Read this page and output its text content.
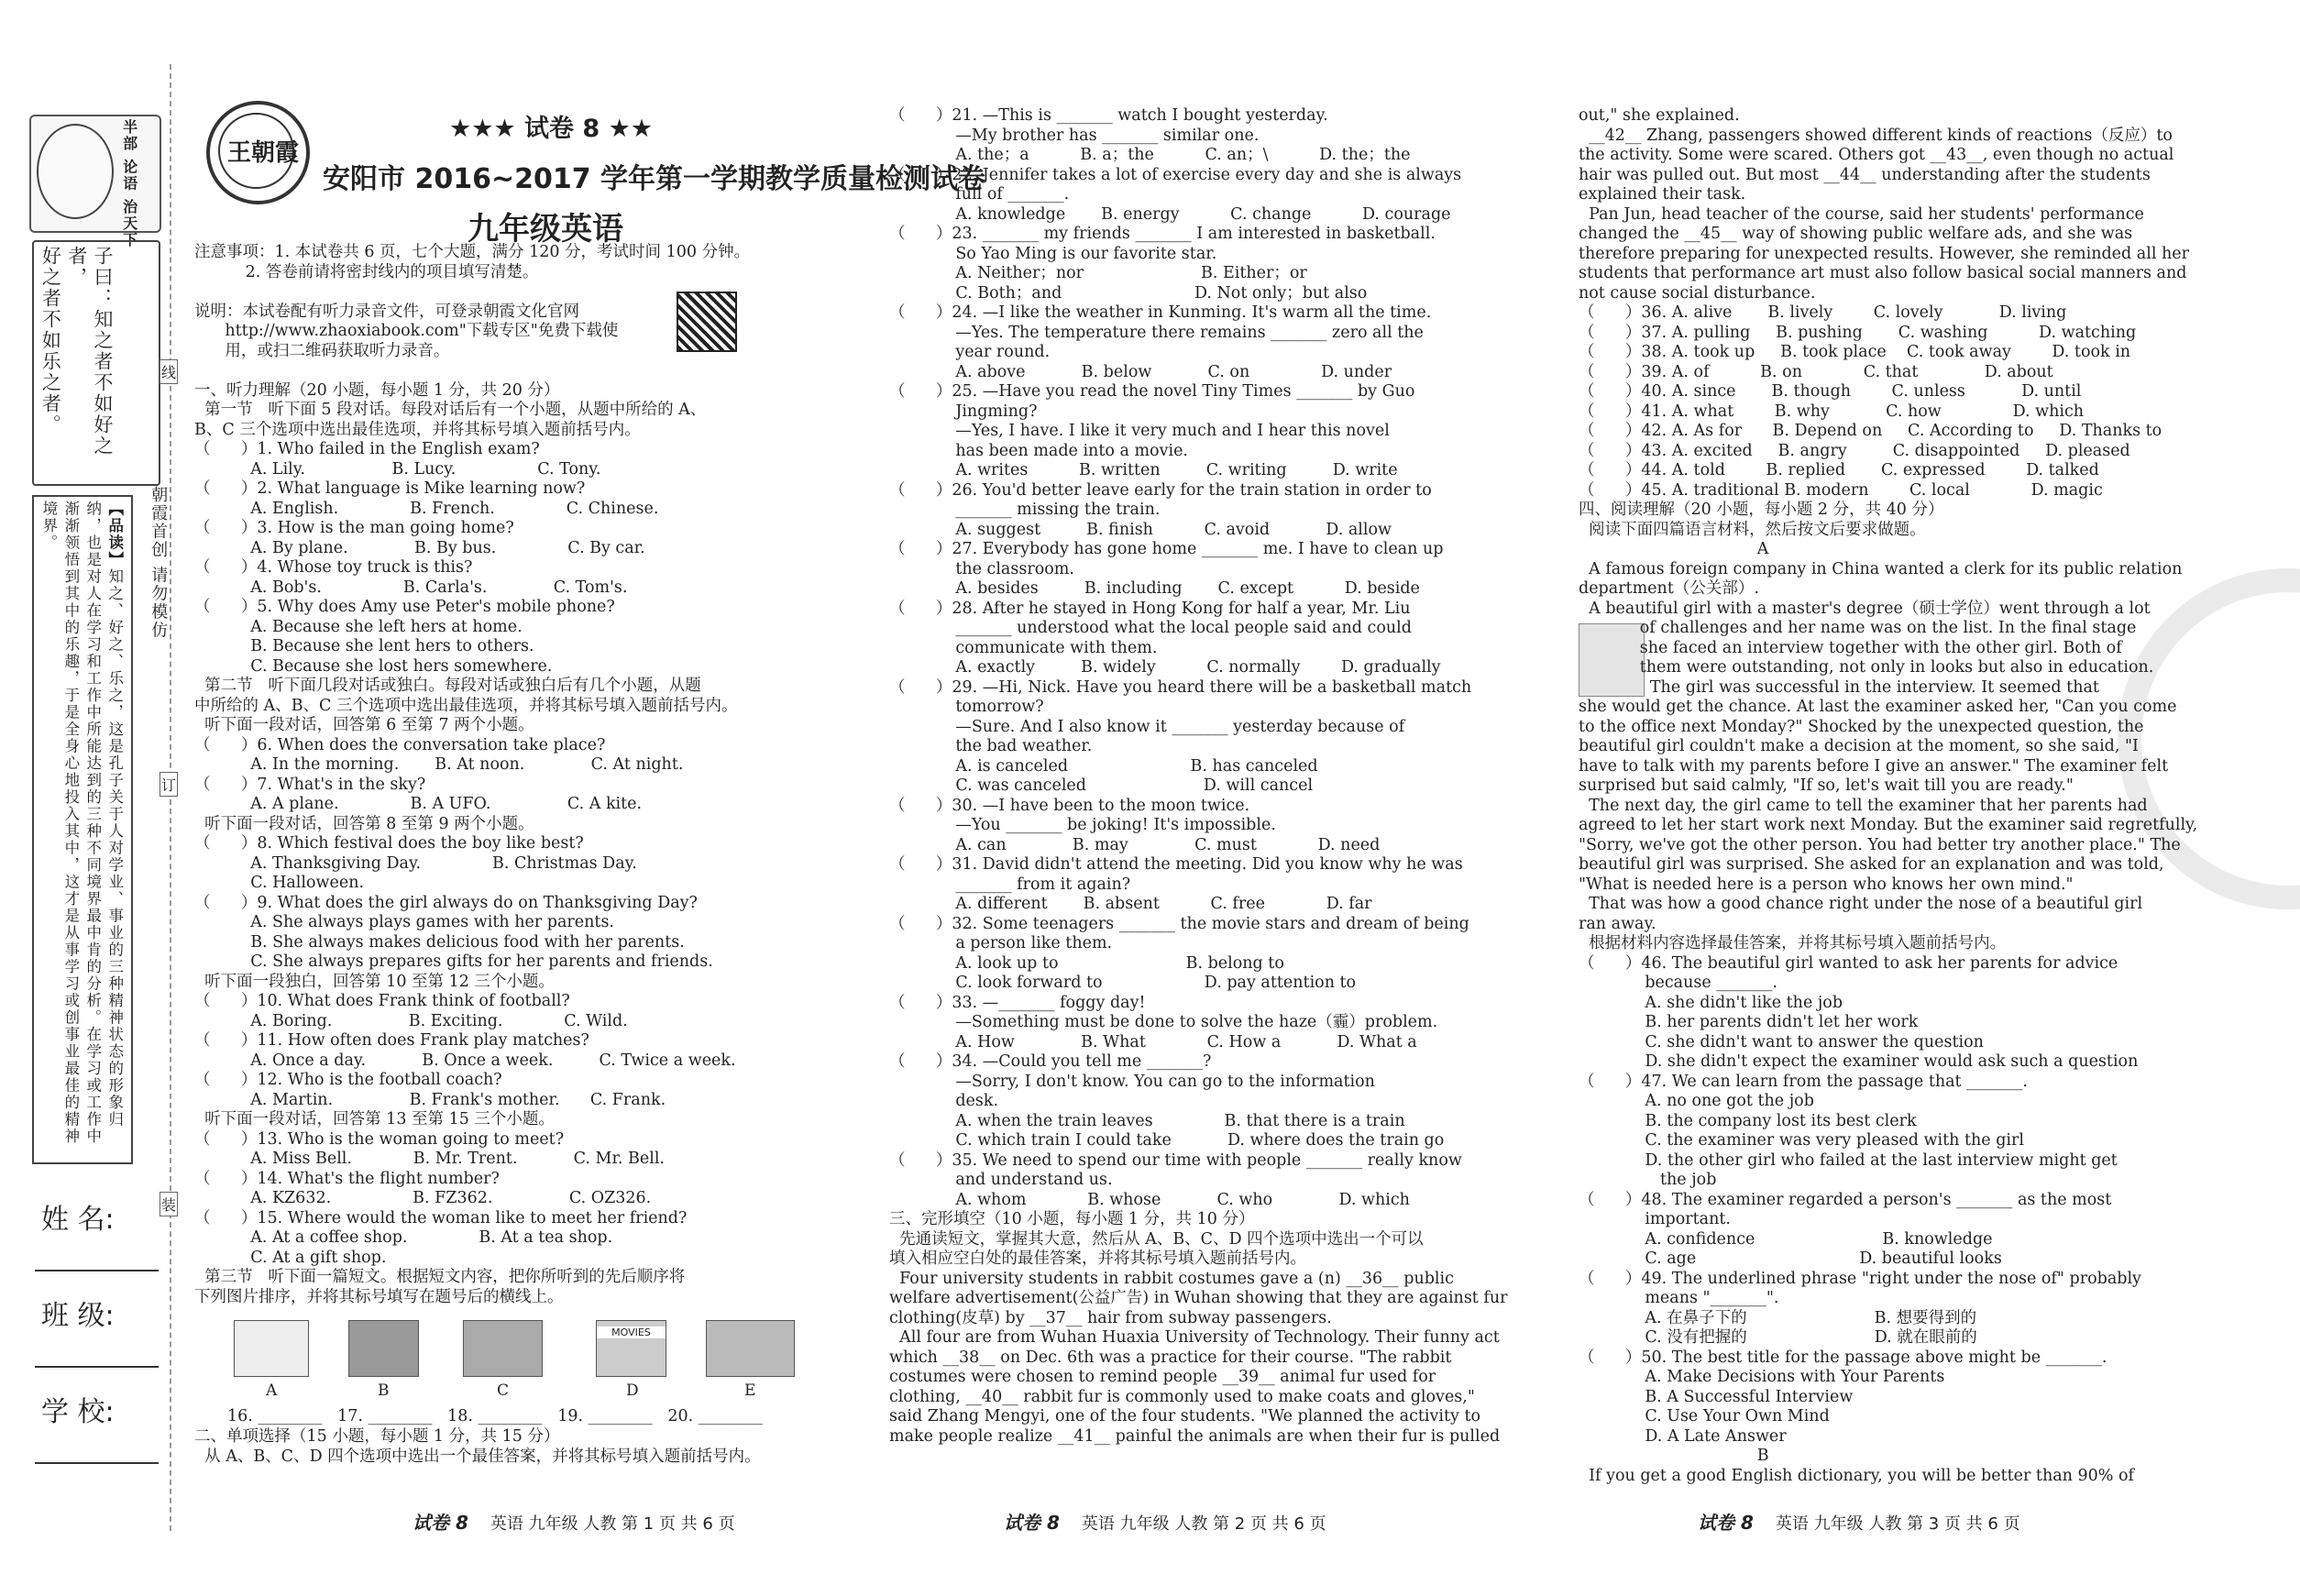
半部 论语 治天下
子曰：知之者不如好之者，
好之者不如乐之者。
【品读】知之、好之、乐之，这是孔子关于人对学业、事业的三种精神状态的形象归纳，也是对人在学习和工作中所能达到的三种不同境界最中肯的分析。在学习或工作中渐渐领悟到其中的乐趣，于是全身心地投入其中，这才是从事学习或创事业最佳的精神境界。	朝霞首创 请勿模仿
线
订
装
姓 名:
班 级:
学 校:
王朝霞
★★★ 试卷 8 ★★
安阳市 2016~2017 学年第一学期教学质量检测试卷
九年级英语

注意事项：1. 本试卷共 6 页，七个大题，满分 120 分，考试时间 100 分钟。

2. 答卷前请将密封线内的项目填写清楚。

说明：本试卷配有听力录音文件，可登录朝霞文化官网

http://www.zhaoxiabook.com"下载专区"免费下载使

用，或扫二维码获取听力录音。

一、听力理解（20 小题，每小题 1 分，共 20 分）

第一节   听下面 5 段对话。每段对话后有一个小题，从题中所给的 A、

B、C 三个选项中选出最佳选项，并将其标号填入题前括号内。

（      ）1. Who failed in the English exam?

A. Lily.                 B. Lucy.                C. Tony.

（      ）2. What language is Mike learning now?

A. English.              B. French.              C. Chinese.

（      ）3. How is the man going home?

A. By plane.             B. By bus.              C. By car.

（      ）4. Whose toy truck is this?

A. Bob's.                B. Carla's.             C. Tom's.

（      ）5. Why does Amy use Peter's mobile phone?

A. Because she left hers at home.

B. Because she lent hers to others.

C. Because she lost hers somewhere.

第二节   听下面几段对话或独白。每段对话或独白后有几个小题，从题

中所给的 A、B、C 三个选项中选出最佳选项，并将其标号填入题前括号内。

听下面一段对话，回答第 6 至第 7 两个小题。

（      ）6. When does the conversation take place?

A. In the morning.       B. At noon.             C. At night.

（      ）7. What's in the sky?

A. A plane.              B. A UFO.               C. A kite.

听下面一段对话，回答第 8 至第 9 两个小题。

（      ）8. Which festival does the boy like best?

A. Thanksgiving Day.              B. Christmas Day.

C. Halloween.

（      ）9. What does the girl always do on Thanksgiving Day?

A. She always plays games with her parents.

B. She always makes delicious food with her parents.

C. She always prepares gifts for her parents and friends.

听下面一段独白，回答第 10 至第 12 三个小题。

（      ）10. What does Frank think of football?

A. Boring.               B. Exciting.            C. Wild.

（      ）11. How often does Frank play matches?

A. Once a day.           B. Once a week.         C. Twice a week.

（      ）12. Who is the football coach?

A. Martin.               B. Frank's mother.      C. Frank.

听下面一段对话，回答第 13 至第 15 三个小题。

（      ）13. Who is the woman going to meet?

A. Miss Bell.            B. Mr. Trent.           C. Mr. Bell.

（      ）14. What's the flight number?

A. KZ632.                B. FZ362.               C. OZ326.

（      ）15. Where would the woman like to meet her friend?

A. At a coffee shop.              B. At a tea shop.

C. At a gift shop.

第三节   听下面一篇短文。根据短文内容，把你所听到的先后顺序将

下列图片排序，并将其标号填写在题号后的横线上。

MOVIES
A	B	C	D	E
16. ________   17. ________   18. ________   19. ________   20. ________

二、单项选择（15 小题，每小题 1 分，共 15 分）

从 A、B、C、D 四个选项中选出一个最佳答案，并将其标号填入题前括号内。

（      ）21. —This is _______ watch I bought yesterday.

—My brother has _______ similar one.

A. the；a          B. a；the          C. an；\          D. the；the

（      ）22. Jennifer takes a lot of exercise every day and she is always

full of _______.

A. knowledge       B. energy          C. change          D. courage

（      ）23. _______ my friends _______ I am interested in basketball.

So Yao Ming is our favorite star.

A. Neither；nor                       B. Either；or

C. Both；and                          D. Not only；but also

（      ）24. —I like the weather in Kunming. It's warm all the time.

—Yes. The temperature there remains _______ zero all the

year round.

A. above           B. below           C. on              D. under

（      ）25. —Have you read the novel Tiny Times _______ by Guo

Jingming?

—Yes, I have. I like it very much and I hear this novel

has been made into a movie.

A. writes          B. written         C. writing         D. write

（      ）26. You'd better leave early for the train station in order to

_______ missing the train.

A. suggest         B. finish          C. avoid           D. allow

（      ）27. Everybody has gone home _______ me. I have to clean up

the classroom.

A. besides         B. including       C. except          D. beside

（      ）28. After he stayed in Hong Kong for half a year, Mr. Liu

_______ understood what the local people said and could

communicate with them.

A. exactly         B. widely          C. normally        D. gradually

（      ）29. —Hi, Nick. Have you heard there will be a basketball match

tomorrow?

—Sure. And I also know it _______ yesterday because of

the bad weather.

A. is canceled                        B. has canceled

C. was canceled                       D. will cancel

（      ）30. —I have been to the moon twice.

—You _______ be joking! It's impossible.

A. can             B. may             C. must            D. need

（      ）31. David didn't attend the meeting. Did you know why he was

_______ from it again?

A. different       B. absent          C. free            D. far

（      ）32. Some teenagers _______ the movie stars and dream of being

a person like them.

A. look up to                         B. belong to

C. look forward to                    D. pay attention to

（      ）33. —_______ foggy day!

—Something must be done to solve the haze（霾）problem.

A. How             B. What            C. How a           D. What a

（      ）34. —Could you tell me _______?

—Sorry, I don't know. You can go to the information

desk.

A. when the train leaves              B. that there is a train

C. which train I could take           D. where does the train go

（      ）35. We need to spend our time with people _______ really know

and understand us.

A. whom            B. whose           C. who             D. which

三、完形填空（10 小题，每小题 1 分，共 10 分）

先通读短文，掌握其大意，然后从 A、B、C、D 四个选项中选出一个可以

填入相应空白处的最佳答案，并将其标号填入题前括号内。

Four university students in rabbit costumes gave a (n) __36__ public

welfare advertisement(公益广告) in Wuhan showing that they are against fur

clothing(皮草) by __37__ hair from subway passengers.

All four are from Wuhan Huaxia University of Technology. Their funny act

which __38__ on Dec. 6th was a practice for their course. "The rabbit

costumes were chosen to remind people __39__ animal fur used for

clothing, __40__ rabbit fur is commonly used to make coats and gloves,"

said Zhang Mengyi, one of the four students. "We planned the activity to

make people realize __41__ painful the animals are when their fur is pulled

out," she explained.

__42__ Zhang, passengers showed different kinds of reactions（反应）to

the activity. Some were scared. Others got __43__, even though no actual

hair was pulled out. But most __44__ understanding after the students

explained their task.

Pan Jun, head teacher of the course, said her students' performance

changed the __45__ way of showing public welfare ads, and she was

therefore preparing for unexpected results. However, she reminded all her

students that performance art must also follow basical social manners and

not cause social disturbance.

（      ）36. A. alive       B. lively        C. lovely           D. living

（      ）37. A. pulling     B. pushing       C. washing          D. watching

（      ）38. A. took up     B. took place    C. took away        D. took in

（      ）39. A. of          B. on            C. that             D. about

（      ）40. A. since       B. though        C. unless           D. until

（      ）41. A. what        B. why           C. how              D. which

（      ）42. A. As for      B. Depend on     C. According to     D. Thanks to

（      ）43. A. excited     B. angry         C. disappointed     D. pleased

（      ）44. A. told        B. replied       C. expressed        D. talked

（      ）45. A. traditional B. modern        C. local            D. magic

四、阅读理解（20 小题，每小题 2 分，共 40 分）

阅读下面四篇语言材料，然后按文后要求做题。

A

A famous foreign company in China wanted a clerk for its public relation

department（公关部）.

A beautiful girl with a master's degree（硕士学位）went through a lot

of challenges and her name was on the list. In the final stage

she faced an interview together with the other girl. Both of

them were outstanding, not only in looks but also in education.

The girl was successful in the interview. It seemed that

she would get the chance. At last the examiner asked her, "Can you come

to the office next Monday?" Shocked by the unexpected question, the

beautiful girl couldn't make a decision at the moment, so she said, "I

have to talk with my parents before I give an answer." The examiner felt

surprised but said calmly, "If so, let's wait till you are ready."

The next day, the girl came to tell the examiner that her parents had

agreed to let her start work next Monday. But the examiner said regretfully,

"Sorry, we've got the other person. You had better try another place." The

beautiful girl was surprised. She asked for an explanation and was told,

"What is needed here is a person who knows her own mind."

That was how a good chance right under the nose of a beautiful girl

ran away.

根据材料内容选择最佳答案，并将其标号填入题前括号内。

（      ）46. The beautiful girl wanted to ask her parents for advice

because _______.

A. she didn't like the job

B. her parents didn't let her work

C. she didn't want to answer the question

D. she didn't expect the examiner would ask such a question

（      ）47. We can learn from the passage that _______.

A. no one got the job

B. the company lost its best clerk

C. the examiner was very pleased with the girl

D. the other girl who failed at the last interview might get

the job

（      ）48. The examiner regarded a person's _______ as the most

important.

A. confidence                         B. knowledge

C. age                                D. beautiful looks

（      ）49. The underlined phrase "right under the nose of" probably

means "_______".

A. 在鼻子下的                         B. 想要得到的

C. 没有把握的                         D. 就在眼前的

（      ）50. The best title for the passage above might be _______.

A. Make Decisions with Your Parents

B. A Successful Interview

C. Use Your Own Mind

D. A Late Answer

B

If you get a good English dictionary, you will be better than 90% of

试卷 8 英语 九年级 人教 第 1 页 共 6 页	试卷 8 英语 九年级 人教 第 2 页 共 6 页	试卷 8 英语 九年级 人教 第 3 页 共 6 页
